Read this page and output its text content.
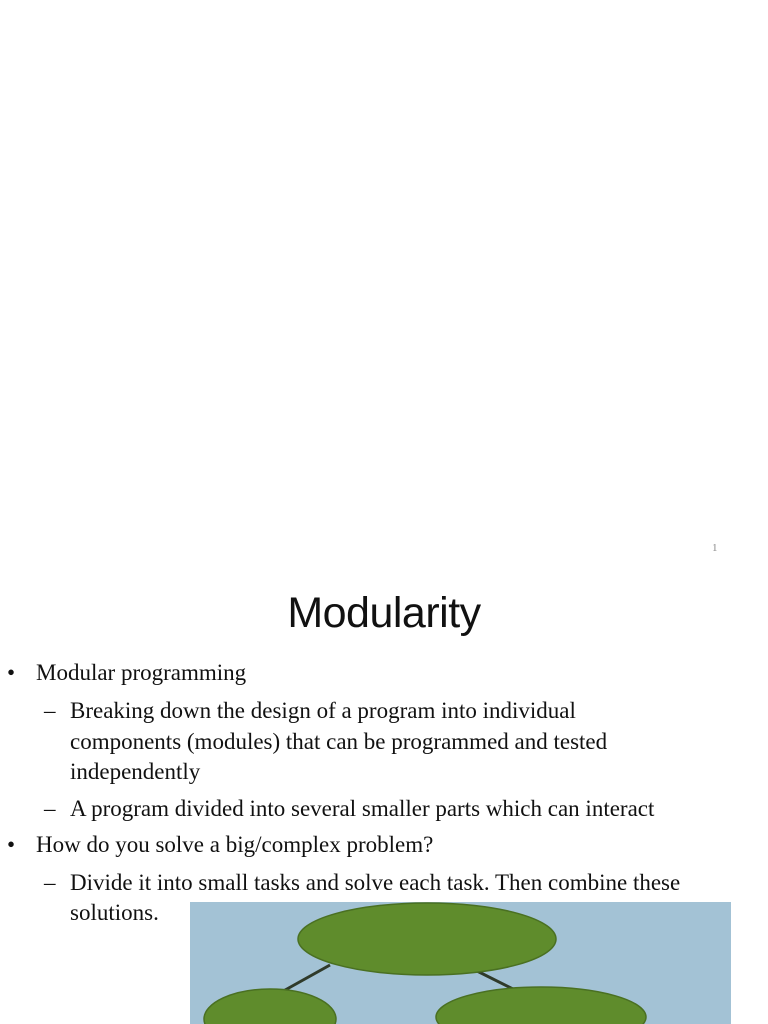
1
Modularity
• Modular programming
– Breaking down the design of a program into individual
components (modules) that can be programmed and tested
independently
– A program divided into several smaller parts which can interact
• How do you solve a big/complex problem?
– Divide it into small tasks and solve each task. Then combine these
solutions.
